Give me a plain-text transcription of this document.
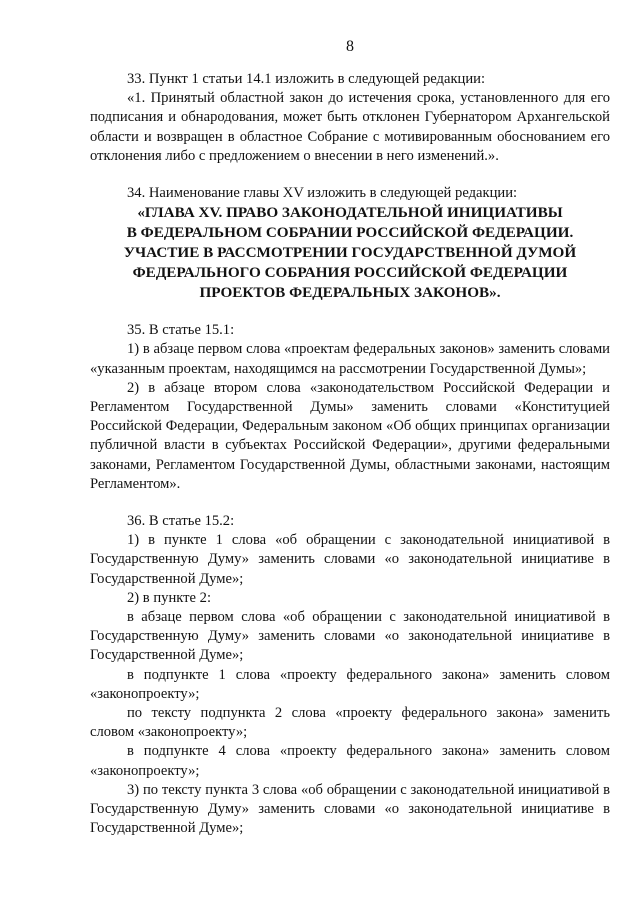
8

33. Пункт 1 статьи 14.1 изложить в следующей редакции:

«1. Принятый областной закон до истечения срока, установленного для его подписания и обнародования, может быть отклонен Губернатором Архангельской области и возвращен в областное Собрание с мотивированным обоснованием его отклонения либо с предложением о внесении в него изменений.».

34. Наименование главы XV изложить в следующей редакции:

«ГЛАВА XV. ПРАВО ЗАКОНОДАТЕЛЬНОЙ ИНИЦИАТИВЫ

В ФЕДЕРАЛЬНОМ СОБРАНИИ РОССИЙСКОЙ ФЕДЕРАЦИИ.

УЧАСТИЕ В РАССМОТРЕНИИ ГОСУДАРСТВЕННОЙ ДУМОЙ

ФЕДЕРАЛЬНОГО СОБРАНИЯ РОССИЙСКОЙ ФЕДЕРАЦИИ

ПРОЕКТОВ ФЕДЕРАЛЬНЫХ ЗАКОНОВ».

35. В статье 15.1:

1) в абзаце первом слова «проектам федеральных законов» заменить словами «указанным проектам, находящимся на рассмотрении Государственной Думы»;

2) в абзаце втором слова «законодательством Российской Федерации и Регламентом Государственной Думы» заменить словами «Конституцией Российской Федерации, Федеральным законом «Об общих принципах организации публичной власти в субъектах Российской Федерации», другими федеральными законами, Регламентом Государственной Думы, областными законами, настоящим Регламентом».

36. В статье 15.2:

1) в пункте 1 слова «об обращении с законодательной инициативой в Государственную Думу» заменить словами «о законодательной инициативе в Государственной Думе»;

2) в пункте 2:

в абзаце первом слова «об обращении с законодательной инициативой в Государственную Думу» заменить словами «о законодательной инициативе в Государственной Думе»;

в подпункте 1 слова «проекту федерального закона» заменить словом «законопроекту»;

по тексту подпункта 2 слова «проекту федерального закона» заменить словом «законопроекту»;

в подпункте 4 слова «проекту федерального закона» заменить словом «законопроекту»;

3) по тексту пункта 3 слова «об обращении с законодательной инициативой в Государственную Думу» заменить словами «о законодательной инициативе в Государственной Думе»;
